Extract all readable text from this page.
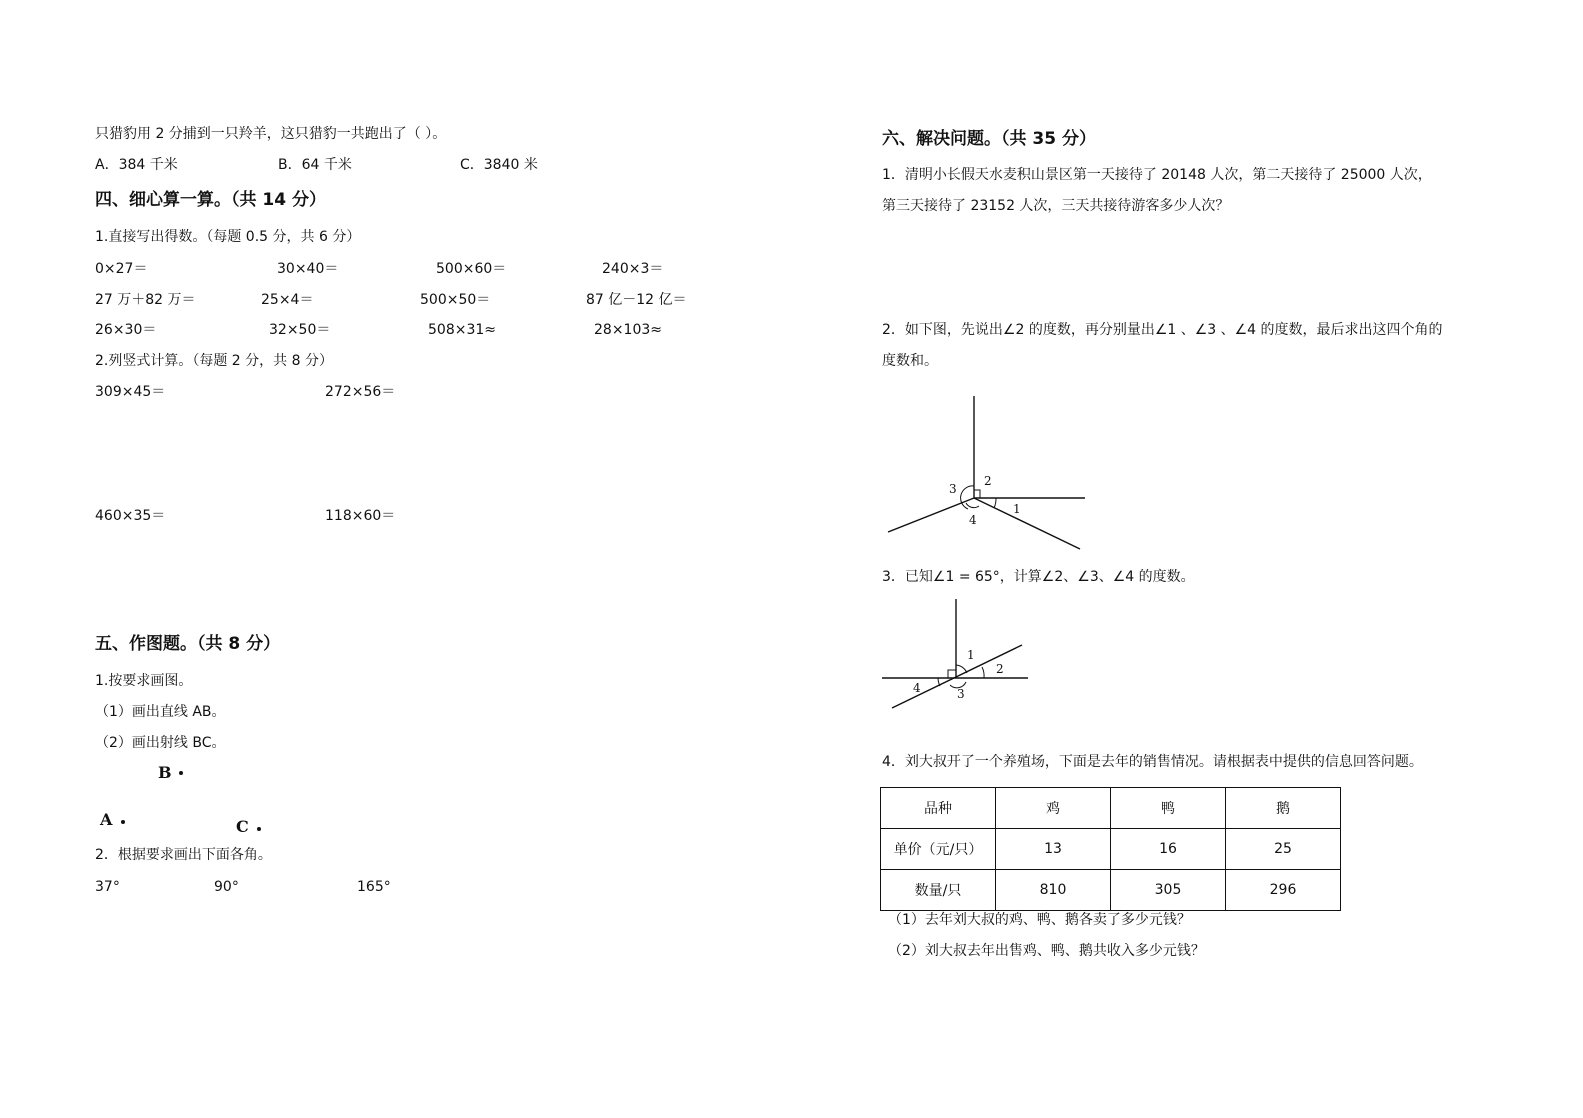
只猎豹用 2 分捕到一只羚羊，这只猎豹一共跑出了（ ）。
A．384 千米	B．64 千米	C．3840 米
四、细心算一算。（共 14 分）
1.直接写出得数。（每题 0.5 分，共 6 分）
0×27＝	30×40＝	500×60＝	240×3＝
27 万＋82 万＝	25×4＝	500×50＝	87 亿－12 亿＝
26×30＝	32×50＝	508×31≈	28×103≈
2.列竖式计算。（每题 2 分，共 8 分）
309×45＝	272×56＝
460×35＝	118×60＝
五、作图题。（共 8 分）
1.按要求画图。
（1）画出直线 AB。
（2）画出射线 BC。
B
A	C
2．根据要求画出下面各角。
37°	90°	165°
六、解决问题。（共 35 分）
1．清明小长假天水麦积山景区第一天接待了 20148 人次，第二天接待了 25000 人次，
第三天接待了 23152 人次，三天共接待游客多少人次？
2．如下图，先说出∠2 的度数，再分别量出∠1 、∠3 、∠4 的度数，最后求出这四个角的
度数和。
3
2
1
4
3．已知∠1 = 65°，计算∠2、∠3、∠4 的度数。
1
2
4	3
4．刘大叔开了一个养殖场，下面是去年的销售情况。请根据表中提供的信息回答问题。
品种	鸡	鸭	鹅
单价（元/只）	13	16	25
数量/只	810	305	296
（1）去年刘大叔的鸡、鸭、鹅各卖了多少元钱？
（2）刘大叔去年出售鸡、鸭、鹅共收入多少元钱？
